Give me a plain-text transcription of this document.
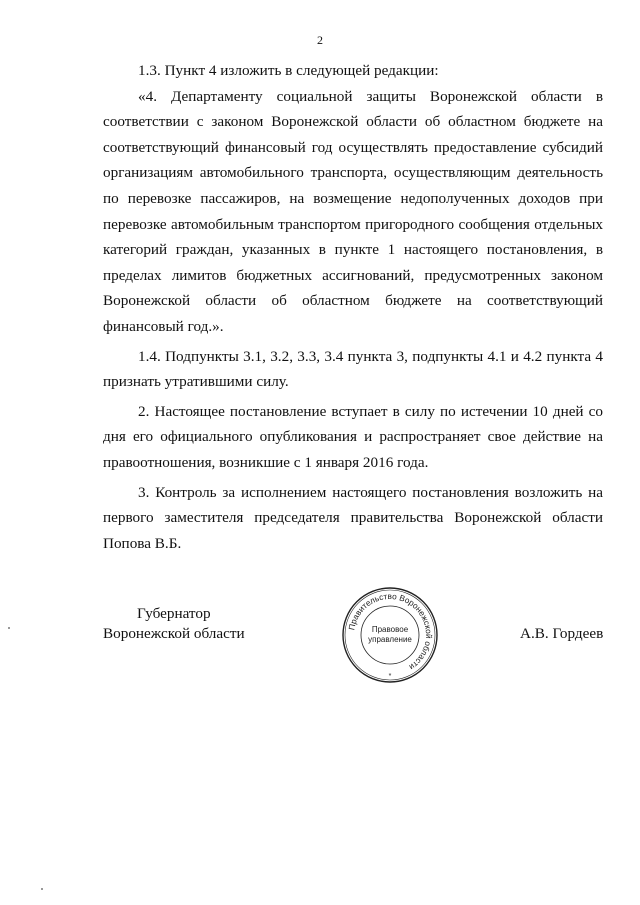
2
1.3. Пункт 4 изложить в следующей редакции:
«4. Департаменту социальной защиты Воронежской области в
соответствии с законом Воронежской области об областном бюджете на
соответствующий финансовый год осуществлять предоставление субсидий
организациям автомобильного транспорта, осуществляющим деятельность
по перевозке пассажиров, на возмещение недополученных доходов при
перевозке автомобильным транспортом пригородного сообщения отдельных
категорий граждан, указанных в пункте 1 настоящего постановления, в
пределах лимитов бюджетных ассигнований, предусмотренных законом
Воронежской области об областном бюджете на соответствующий
финансовый год.».
1.4. Подпункты 3.1, 3.2, 3.3, 3.4 пункта 3, подпункты 4.1 и 4.2 пункта 4
признать утратившими силу.
2. Настоящее постановление вступает в силу по истечении 10 дней со
дня его официального опубликования и распространяет свое действие на
правоотношения, возникшие с 1 января 2016 года.
3. Контроль за исполнением настоящего постановления возложить на
первого заместителя председателя правительства Воронежской области
Попова В.Б.
Губернатор
Воронежской области	А.В. Гордеев
Правительство Воронежской области
Правовое
управление
*
